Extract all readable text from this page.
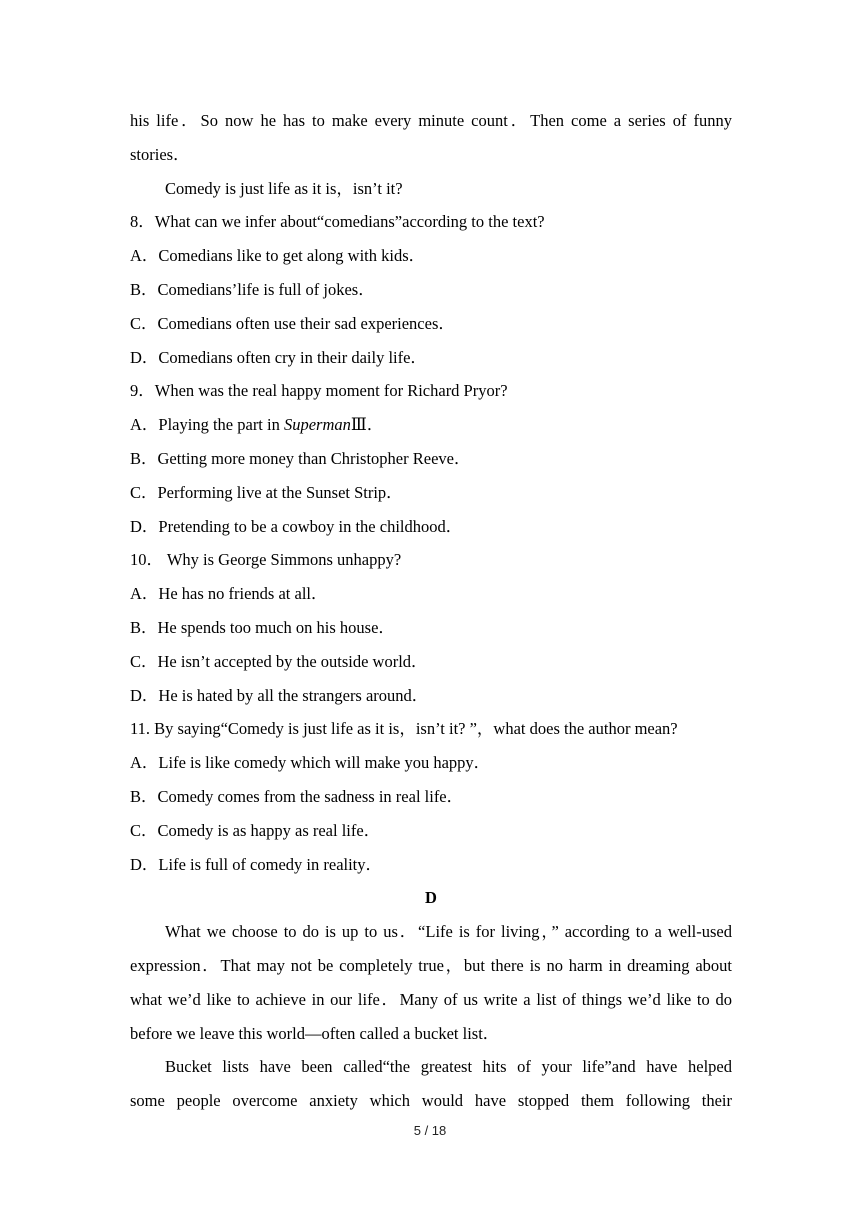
his life．So now he has to make every minute count．Then come a series of funny
stories．
Comedy is just life as it is，isn’t it?
8．What can we infer about“comedians”according to the text?
A．Comedians like to get along with kids．
B．Comedians’life is full of jokes．
C．Comedians often use their sad experiences．
D．Comedians often cry in their daily life．
9．When was the real happy moment for Richard Pryor?
A．Playing the part in SupermanⅢ．
B．Getting more money than Christopher Reeve．
C．Performing live at the Sunset Strip．
D．Pretending to be a cowboy in the childhood．
10． Why is George Simmons unhappy?
A．He has no friends at all．
B．He spends too much on his house．
C．He isn’t accepted by the outside world．
D．He is hated by all the strangers around．
11. By saying“Comedy is just life as it is，isn’t it? ”，what does the author mean?
A．Life is like comedy which will make you happy．
B．Comedy comes from the sadness in real life．
C．Comedy is as happy as real life．
D．Life is full of comedy in reality．
D
What we choose to do is up to us．“Life is for living，” according to a well-used
expression．That may not be completely true，but there is no harm in dreaming about
what we’d like to achieve in our life．Many of us write a list of things we’d like to do
before we leave this world—often called a bucket list．
Bucket lists have been called“the greatest hits of your life”and have helped
some people overcome anxiety which would have stopped them following their
5 / 18
